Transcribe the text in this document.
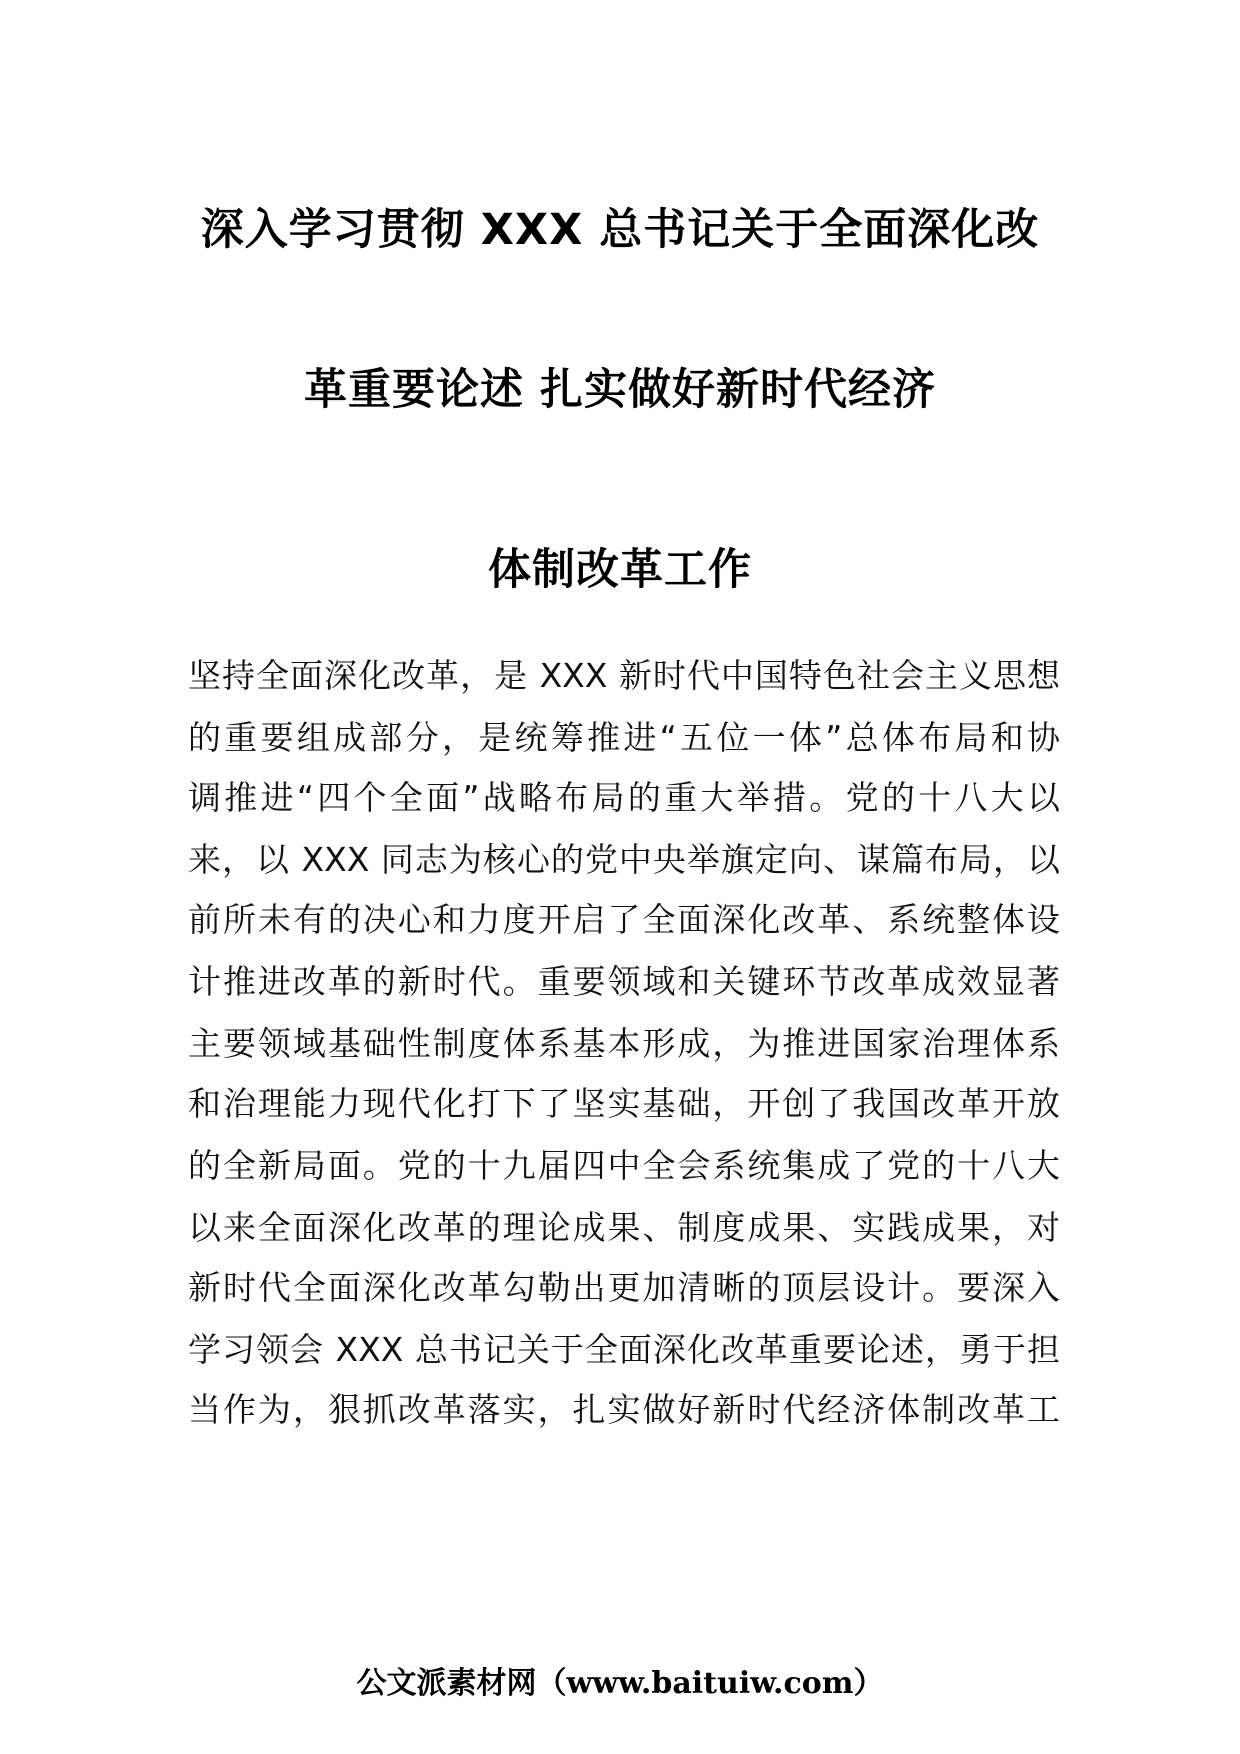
深入学习贯彻 XXX 总书记关于全面深化改
革重要论述 扎实做好新时代经济
体制改革工作
坚持全面深化改革，是 XXX 新时代中国特色社会主义思想
的重要组成部分，是统筹推进“五位一体”总体布局和协
调推进“四个全面”战略布局的重大举措。党的十八大以
来，以 XXX 同志为核心的党中央举旗定向、谋篇布局，以
前所未有的决心和力度开启了全面深化改革、系统整体设
计推进改革的新时代。重要领域和关键环节改革成效显著
主要领域基础性制度体系基本形成，为推进国家治理体系
和治理能力现代化打下了坚实基础，开创了我国改革开放
的全新局面。党的十九届四中全会系统集成了党的十八大
以来全面深化改革的理论成果、制度成果、实践成果，对
新时代全面深化改革勾勒出更加清晰的顶层设计。要深入
学习领会 XXX 总书记关于全面深化改革重要论述，勇于担
当作为，狠抓改革落实，扎实做好新时代经济体制改革工
公文派素材网（www.baituiw.com）
